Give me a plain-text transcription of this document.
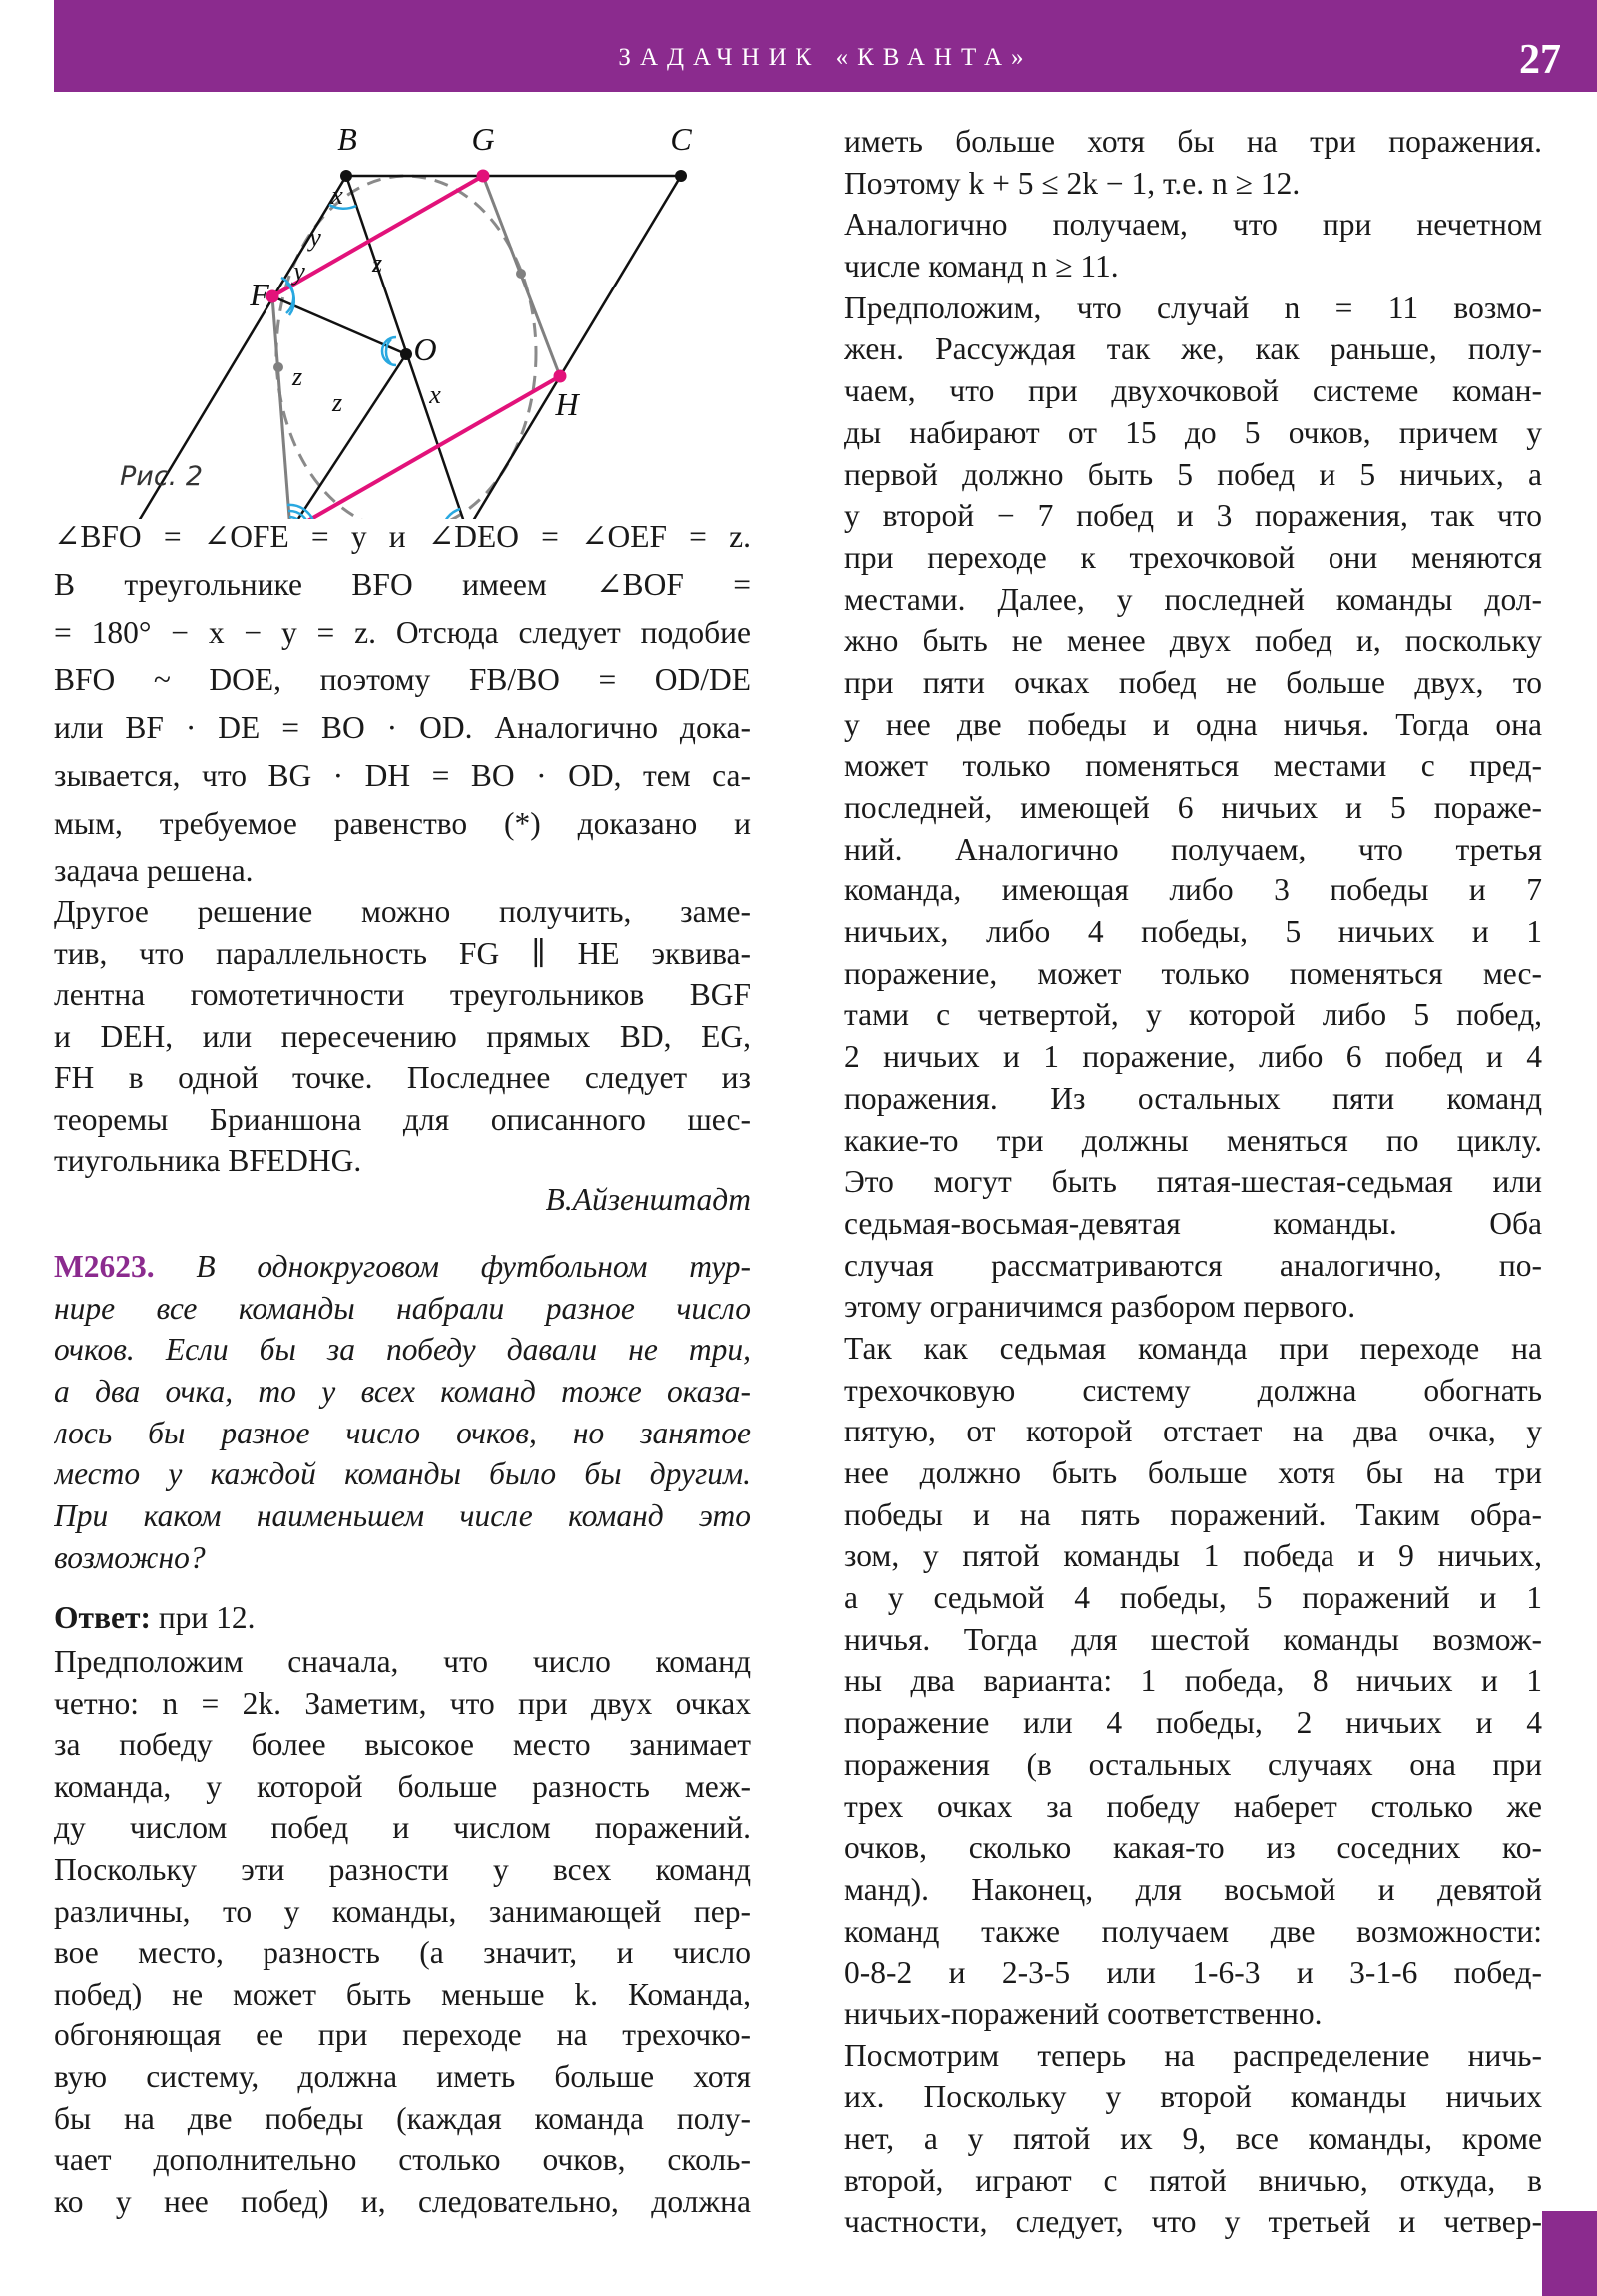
ЗАДАЧНИК «КВАНТА»	27
B	C
F
G
H
O
x
y
y	z
z
z	x
Рис. 2
∠BFO = ∠OFE = y и ∠DEO = ∠OEF = z.
В треугольнике BFO имеем ∠BOF =
= 180° − x − y = z. Отсюда следует подобие
BFO ~ DOE, поэтому FB/BO = OD/DE
или BF · DE = BO · OD. Аналогично дока-
зывается, что BG · DH = BO · OD, тем са-
мым, требуемое равенство (*) доказано и
задача решена.
Другое решение можно получить, заме-
тив, что параллельность FG ∥ HE эквива-
лентна гомотетичности треугольников BGF
и DEH, или пересечению прямых BD, EG,
FH в одной точке. Последнее следует из
теоремы Брианшона для описанного шес-
тиугольника BFEDHG.
В.Айзенштадт
М2623. В однокруговом футбольном тур-
нире все команды набрали разное число
очков. Если бы за победу давали не три,
а два очка, то у всех команд тоже оказа-
лось бы разное число очков, но занятое
место у каждой команды было бы другим.
При каком наименьшем числе команд это
возможно?
Ответ: при 12.
Предположим сначала, что число команд
четно: n = 2k. Заметим, что при двух очках
за победу более высокое место занимает
команда, у которой больше разность меж-
ду числом побед и числом поражений.
Поскольку эти разности у всех команд
различны, то у команды, занимающей пер-
вое место, разность (а значит, и число
побед) не может быть меньше k. Команда,
обгоняющая ее при переходе на трехочко-
вую систему, должна иметь больше хотя
бы на две победы (каждая команда полу-
чает дополнительно столько очков, сколь-
ко у нее побед) и, следовательно, должна
иметь больше хотя бы на три поражения.
Поэтому k + 5 ≤ 2k − 1, т.е. n ≥ 12.
Аналогично получаем, что при нечетном
числе команд n ≥ 11.
Предположим, что случай n = 11 возмо-
жен. Рассуждая так же, как раньше, полу-
чаем, что при двухочковой системе коман-
ды набирают от 15 до 5 очков, причем у
первой должно быть 5 побед и 5 ничьих, а
у второй − 7 побед и 3 поражения, так что
при переходе к трехочковой они меняются
местами. Далее, у последней команды дол-
жно быть не менее двух побед и, поскольку
при пяти очках побед не больше двух, то
у нее две победы и одна ничья. Тогда она
может только поменяться местами с пред-
последней, имеющей 6 ничьих и 5 пораже-
ний. Аналогично получаем, что третья
команда, имеющая либо 3 победы и 7
ничьих, либо 4 победы, 5 ничьих и 1
поражение, может только поменяться мес-
тами с четвертой, у которой либо 5 побед,
2 ничьих и 1 поражение, либо 6 побед и 4
поражения. Из остальных пяти команд
какие-то три должны меняться по циклу.
Это могут быть пятая-шестая-седьмая или
седьмая-восьмая-девятая команды. Оба
случая рассматриваются аналогично, по-
этому ограничимся разбором первого.
Так как седьмая команда при переходе на
трехочковую систему должна обогнать
пятую, от которой отстает на два очка, у
нее должно быть больше хотя бы на три
победы и на пять поражений. Таким обра-
зом, у пятой команды 1 победа и 9 ничьих,
а у седьмой 4 победы, 5 поражений и 1
ничья. Тогда для шестой команды возмож-
ны два варианта: 1 победа, 8 ничьих и 1
поражение или 4 победы, 2 ничьих и 4
поражения (в остальных случаях она при
трех очках за победу наберет столько же
очков, сколько какая-то из соседних ко-
манд). Наконец, для восьмой и девятой
команд также получаем две возможности:
0-8-2 и 2-3-5 или 1-6-3 и 3-1-6 побед-
ничьих-поражений соответственно.
Посмотрим теперь на распределение ничь-
их. Поскольку у второй команды ничьих
нет, а у пятой их 9, все команды, кроме
второй, играют с пятой вничью, откуда, в
частности, следует, что у третьей и четвер-
